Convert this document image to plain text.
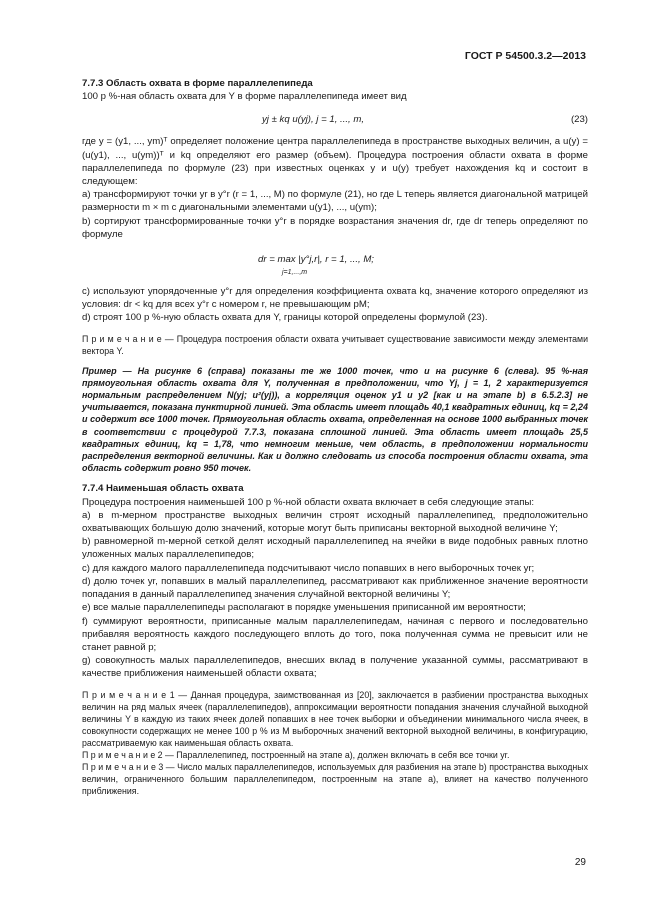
ГОСТ Р 54500.3.2—2013

7.7.3 Область охвата в форме параллелепипеда

100 p %-ная область охвата для Y в форме параллелепипеда имеет вид

yj ± kq u(yj), j = 1, ..., m,	(23)

где y = (y1, ..., ym)ᵀ определяет положение центра параллелепипеда в пространстве выходных величин, а u(y) = (u(y1), ..., u(ym))ᵀ и kq определяют его размер (объем). Процедура построения области охвата в форме параллелепипеда по формуле (23) при известных оценках y и u(y) требует нахождения kq и состоит в следующем:

а) трансформируют точки yr в y°r (r = 1, ..., M) по формуле (21), но где L теперь является диагональной матрицей размерности m × m с диагональными элементами u(y1), ..., u(ym);

b) сортируют трансформированные точки y°r в порядке возрастания значения dr, где dr теперь определяют по формуле

dr = max |y°j,r|, r = 1, ..., M;
j=1,...,m

с) используют упорядоченные y°r для определения коэффициента охвата kq, значение которого определяют из условия: dr < kq для всех y°r с номером r, не превышающим pM;

d) строят 100 p %-ную область охвата для Y, границы которой определены формулой (23).

П р и м е ч а н и е — Процедура построения области охвата учитывает существование зависимости между элементами вектора Y.

Пример — На рисунке 6 (справа) показаны те же 1000 точек, что и на рисунке 6 (слева). 95 %-ная прямоугольная область охвата для Y, полученная в предположении, что Yj, j = 1, 2 характеризуется нормальным распределением N(yj; u²(yj)), а корреляция оценок y1 и y2 [как и на этапе b) в 6.5.2.3] не учитывается, показана пунктирной линией. Эта область имеет площадь 40,1 квадратных единиц, kq = 2,24 и содержит все 1000 точек. Прямоугольная область охвата, определенная на основе 1000 выбранных точек в соответствии с процедурой 7.7.3, показана сплошной линией. Эта область имеет площадь 25,5 квадратных единиц, kq = 1,78, что немногим меньше, чем область, в предположении нормальности распределения векторной величины. Как и должно следовать из способа построения области охвата, эта область содержит ровно 950 точек.

7.7.4 Наименьшая область охвата

Процедура построения наименьшей 100 p %-ной области охвата включает в себя следующие этапы:

а) в m-мерном пространстве выходных величин строят исходный параллелепипед, предположительно охватывающих большую долю значений, которые могут быть приписаны векторной выходной величине Y;

b) равномерной m-мерной сеткой делят исходный параллелепипед на ячейки в виде подобных равных плотно уложенных малых параллелепипедов;

с) для каждого малого параллелепипеда подсчитывают число попавших в него выборочных точек yr;

d) долю точек yr, попавших в малый параллелепипед, рассматривают как приближенное значение вероятности попадания в данный параллелепипед значения случайной векторной величины Y;

е) все малые параллелепипеды располагают в порядке уменьшения приписанной им вероятности;

f) суммируют вероятности, приписанные малым параллелепипедам, начиная с первого и последовательно прибавляя вероятность каждого последующего вплоть до того, пока полученная сумма не превысит или не станет равной p;

g) совокупность малых параллелепипедов, внесших вклад в получение указанной суммы, рассматривают в качестве приближения наименьшей области охвата;

П р и м е ч а н и е 1 — Данная процедура, заимствованная из [20], заключается в разбиении пространства выходных величин на ряд малых ячеек (параллелепипедов), аппроксимации вероятности попадания значения случайной выходной величины Y в каждую из таких ячеек долей попавших в нее точек выборки и объединении минимального числа ячеек, в совокупности содержащих не менее 100 p % из M выборочных значений векторной выходной величины, в конфигурацию, рассматриваемую как наименьшая область охвата.

П р и м е ч а н и е 2 — Параллелепипед, построенный на этапе а), должен включать в себя все точки yr.

П р и м е ч а н и е 3 — Число малых параллелепипедов, используемых для разбиения на этапе b) пространства выходных величин, ограниченного большим параллелепипедом, построенным на этапе а), влияет на качество полученного приближения.

29
